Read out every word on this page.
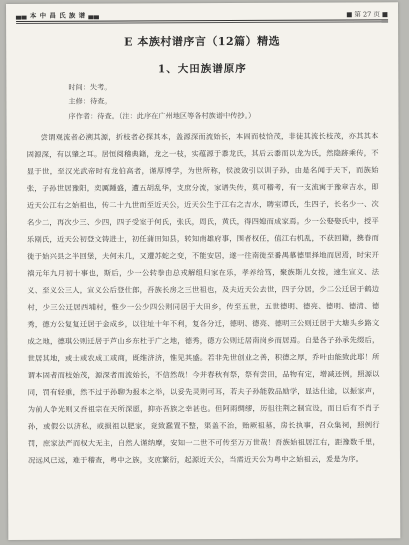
▄▄ 本 中 昌 氏 族 谱 ▄▄	■ 第 27 页 ■
E 本族村谱序言（12篇）精选
1、大田族谱原序
时间：失考。
主修：待查。
序作者：待查。（注：此序在广州地区等各村族谱中传抄。）
尝谓观流者必溯其源，折枝者必探其本，盖源深而流始长，本固而枝恰茂，非徒其流长枝茂，亦其其本固源深，有以肇之耳。居恒阅稽典籍，龙之一枝，实蕴源于黍龙氏，其后云黍而以龙为氏，然隐跡乘传，不显于世，至汉光武帝时有龙伯高者，谨厚博学，为世所称，侯波敛引以训子孙，由是名闻于天下，而族始张，子孙世居豫阳，奕厲踵盛，遭五胡乱华，支庶分流，家谱失传，莫可稽考，有一支流寓于豫章吉水，即近天公江右之始祖也，传二十九世而至近天公，近天公生于江右之吉水，聘室谭氏，生四子，长名少一、次名少二，再次少三、少四，四子受室于何氏，张氏，周氏，黄氏，得四媳而成家焉。少一公娶娶氏中，授平乐剐氏，近天公初登文铸进士，初任蒲田知县，转知南雄府事，围者权任，值江右机乱，不获回籍，携眷而徙于始兴县之半回堡，夫何未几，又遭苏蛇之变，不能安居，遂一往南徙至番禺慕德里择地而居焉，时宋开禧元年九月初十事也，斯后，少一公转拳由总戎解组归家在乐，孝养给笃，聚族斯儿女按，速生宣义、法义、至义公三人，宣义公后登仕郎，吾族长房之三世祖也，及夫近天公去世，四子分居，少二公迁居于鹤边村，少三公迁居西埔村，惟少一公少四公则同居于大田乡，传至五世，五世德明、德亮、德明、德清、德秀，德方公复复迁居于金成乡，以往址十年不利，复各分迁，德明、德亮、德明三公则迁居于大塘头乡路文成之地，德琪公则迁居于芦山乡东杜于广之地，德秀，德方公则迁居南岗乡而居焉。自是各子孙承先缀后，世居其地，或士或农成工或商，既维济济，惟见其盛。若非先世创业之善，积德之厚，乔叶由能致此耶！所谓本固者而枝始茂，源深者而流始长，不信然哉！今并春秋有祭，祭有尝田，品物有定，增减还例，照源以同，罚有轻重，然不过于孙聊为报本之举，以妥先灵则可耳，若夫子孙能敦品励学，显达仕途，以振家声，为前人争光则又吾祖宗在天所深愿，抑亦吾族之幸甚也。但阿雨绸缪，历徂往荆之制宜设，而日后有不肖子孙，或假公以济私，或损祖以肥家，竟致蠢置不整，渠盖不治，贻厥祖墓，房长执事，召众集祠，照例行罚，庶家法严而权大无主，自然人谨纳摩，安知一二世不可传至万万世哉！吾族始祖居江右，距豫数千里，况远风已远，难于稽查，粤中之族，支庶繁衍，起源近天公，当需近天公为粤中之始祖云，爰是为序。
